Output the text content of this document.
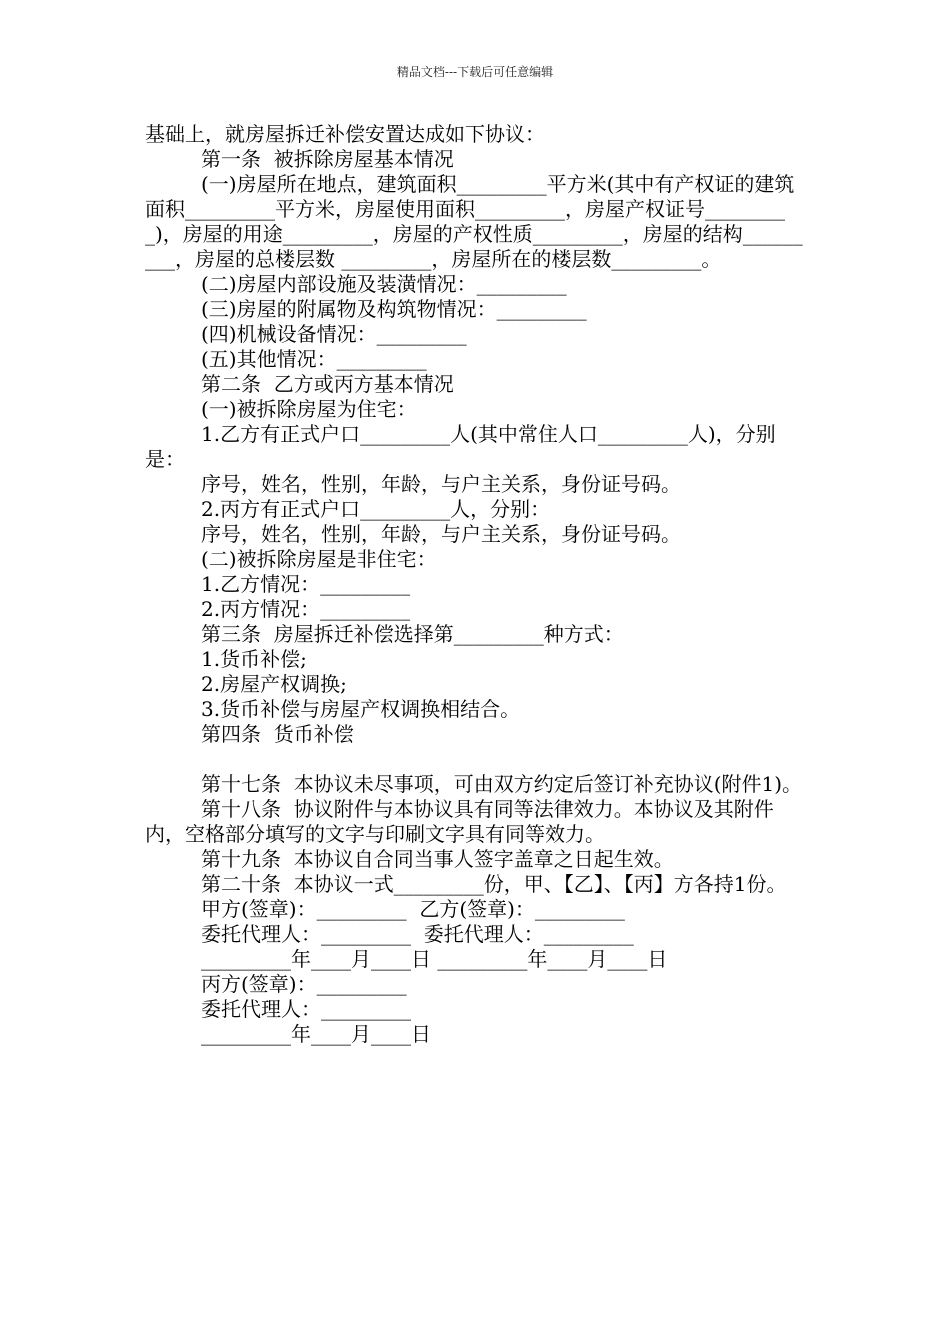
精品文档---下载后可任意编辑

基础上，就房屋拆迁补偿安置达成如下协议：

第一条  被拆除房屋基本情况

(一)房屋所在地点，建筑面积_________平方米(其中有产权证的建筑面积_________平方米，房屋使用面积_________，房屋产权证号_________)，房屋的用途_________，房屋的产权性质_________，房屋的结构_________，房屋的总楼层数 _________，房屋所在的楼层数_________。

(二)房屋内部设施及装潢情况：_________

(三)房屋的附属物及构筑物情况：_________

(四)机械设备情况：_________

(五)其他情况：_________

第二条  乙方或丙方基本情况

(一)被拆除房屋为住宅：

1.乙方有正式户口_________人(其中常住人口_________人)，分别是：

序号，姓名，性别，年龄，与户主关系，身份证号码。

2.丙方有正式户口_________人，分别：

序号，姓名，性别，年龄，与户主关系，身份证号码。

(二)被拆除房屋是非住宅：

1.乙方情况：_________

2.丙方情况：_________

第三条  房屋拆迁补偿选择第_________种方式：

1.货币补偿;

2.房屋产权调换;

3.货币补偿与房屋产权调换相结合。

第四条  货币补偿

第十七条  本协议未尽事项，可由双方约定后签订补充协议(附件1)。

第十八条  协议附件与本协议具有同等法律效力。本协议及其附件内，空格部分填写的文字与印刷文字具有同等效力。

第十九条  本协议自合同当事人签字盖章之日起生效。

第二十条  本协议一式_________份，甲、【乙】、【丙】方各持1份。

甲方(签章)：_________  乙方(签章)：_________

委托代理人：_________  委托代理人：_________

_________年____月____日 _________年____月____日

丙方(签章)：_________

委托代理人：_________

_________年____月____日
